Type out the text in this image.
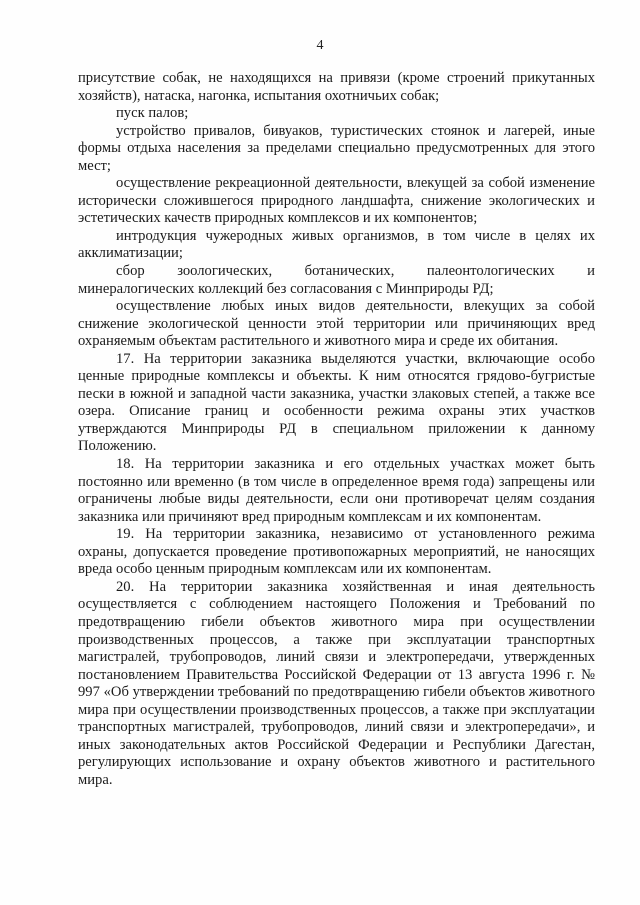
4

присутствие собак, не находящихся на привязи (кроме строений прикутанных хозяйств), натаска, нагонка, испытания охотничьих собак;

пуск палов;

устройство привалов, бивуаков, туристических стоянок и лагерей, иные формы отдыха населения за пределами специально предусмотренных для этого мест;

осуществление рекреационной деятельности, влекущей за собой изменение исторически сложившегося природного ландшафта, снижение экологических и эстетических качеств природных комплексов и их компонентов;

интродукция чужеродных живых организмов, в том числе в целях их акклиматизации;

сбор зоологических, ботанических, палеонтологических и минералогических коллекций без согласования с Минприроды РД;

осуществление любых иных видов деятельности, влекущих за собой снижение экологической ценности этой территории или причиняющих вред охраняемым объектам растительного и животного мира и среде их обитания.

17. На территории заказника выделяются участки, включающие особо ценные природные комплексы и объекты. К ним относятся грядово-бугристые пески в южной и западной части заказника, участки злаковых степей, а также все озера. Описание границ и особенности режима охраны этих участков утверждаются Минприроды РД в специальном приложении к данному Положению.

18. На территории заказника и его отдельных участках может быть постоянно или временно (в том числе в определенное время года) запрещены или ограничены любые виды деятельности, если они противоречат целям создания заказника или причиняют вред природным комплексам и их компонентам.

19. На территории заказника, независимо от установленного режима охраны, допускается проведение противопожарных мероприятий, не наносящих вреда особо ценным природным комплексам или их компонентам.

20. На территории заказника хозяйственная и иная деятельность осуществляется с соблюдением настоящего Положения и Требований по предотвращению гибели объектов животного мира при осуществлении производственных процессов, а также при эксплуатации транспортных магистралей, трубопроводов, линий связи и электропередачи, утвержденных постановлением Правительства Российской Федерации от 13 августа 1996 г. № 997 «Об утверждении требований по предотвращению гибели объектов животного мира при осуществлении производственных процессов, а также при эксплуатации транспортных магистралей, трубопроводов, линий связи и электропередачи», и иных законодательных актов Российской Федерации и Республики Дагестан, регулирующих использование и охрану объектов животного и растительного мира.
